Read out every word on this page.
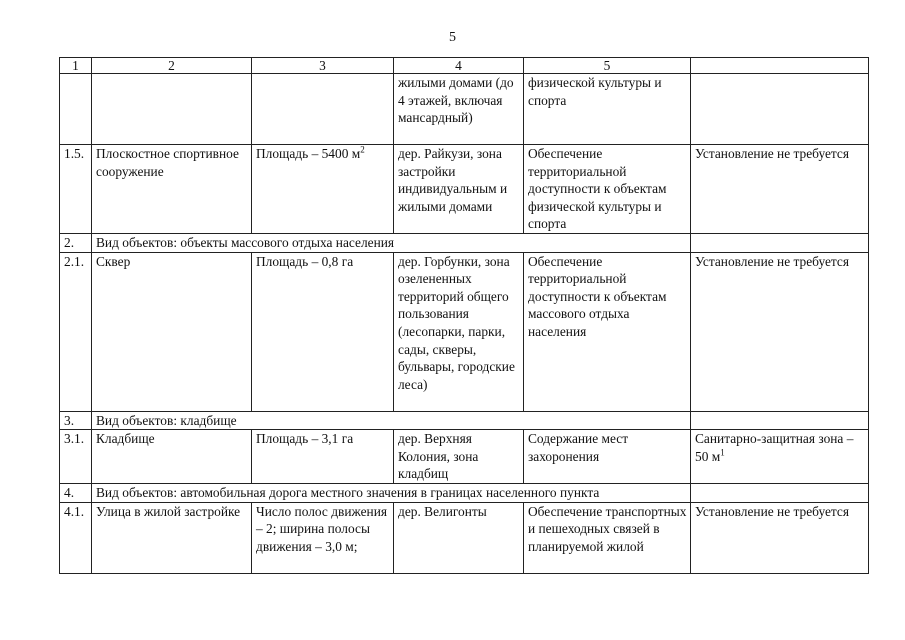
5
1	2	3	4	5	
			жилыми домами (до 4 этажей, включая мансардный)	физической культуры и спорта	
1.5.	Плоскостное спортивное сооружение	Площадь – 5400 $м^2$	дер. Райкузи, зона застройки индивидуальным и жилыми домами	Обеспечение территориальной доступности к объектам физической культуры и спорта	Установление не требуется
2.	Вид объектов: объекты массового отдыха населения				
2.1.	Сквер	Площадь – 0,8 га	дер. Горбунки, зона озелененных территорий общего пользования (лесопарки, парки, сады, скверы, бульвары, городские леса)	Обеспечение территориальной доступности к объектам массового отдыха населения	Установление не требуется
3.	Вид объектов: кладбище				
3.1.	Кладбище	Площадь – 3,1 га	дер. Верхняя Колония, зона кладбищ	Содержание мест захоронения	Санитарно-защитная зона – 50 $м^1$
4.	Вид объектов: автомобильная дорога местного значения в границах населенного пункта				
4.1.	Улица в жилой застройке	Число полос движения – 2; ширина полосы движения – 3,0 м;	дер. Велигонты	Обеспечение транспортных и пешеходных связей в планируемой жилой	Установление не требуется
